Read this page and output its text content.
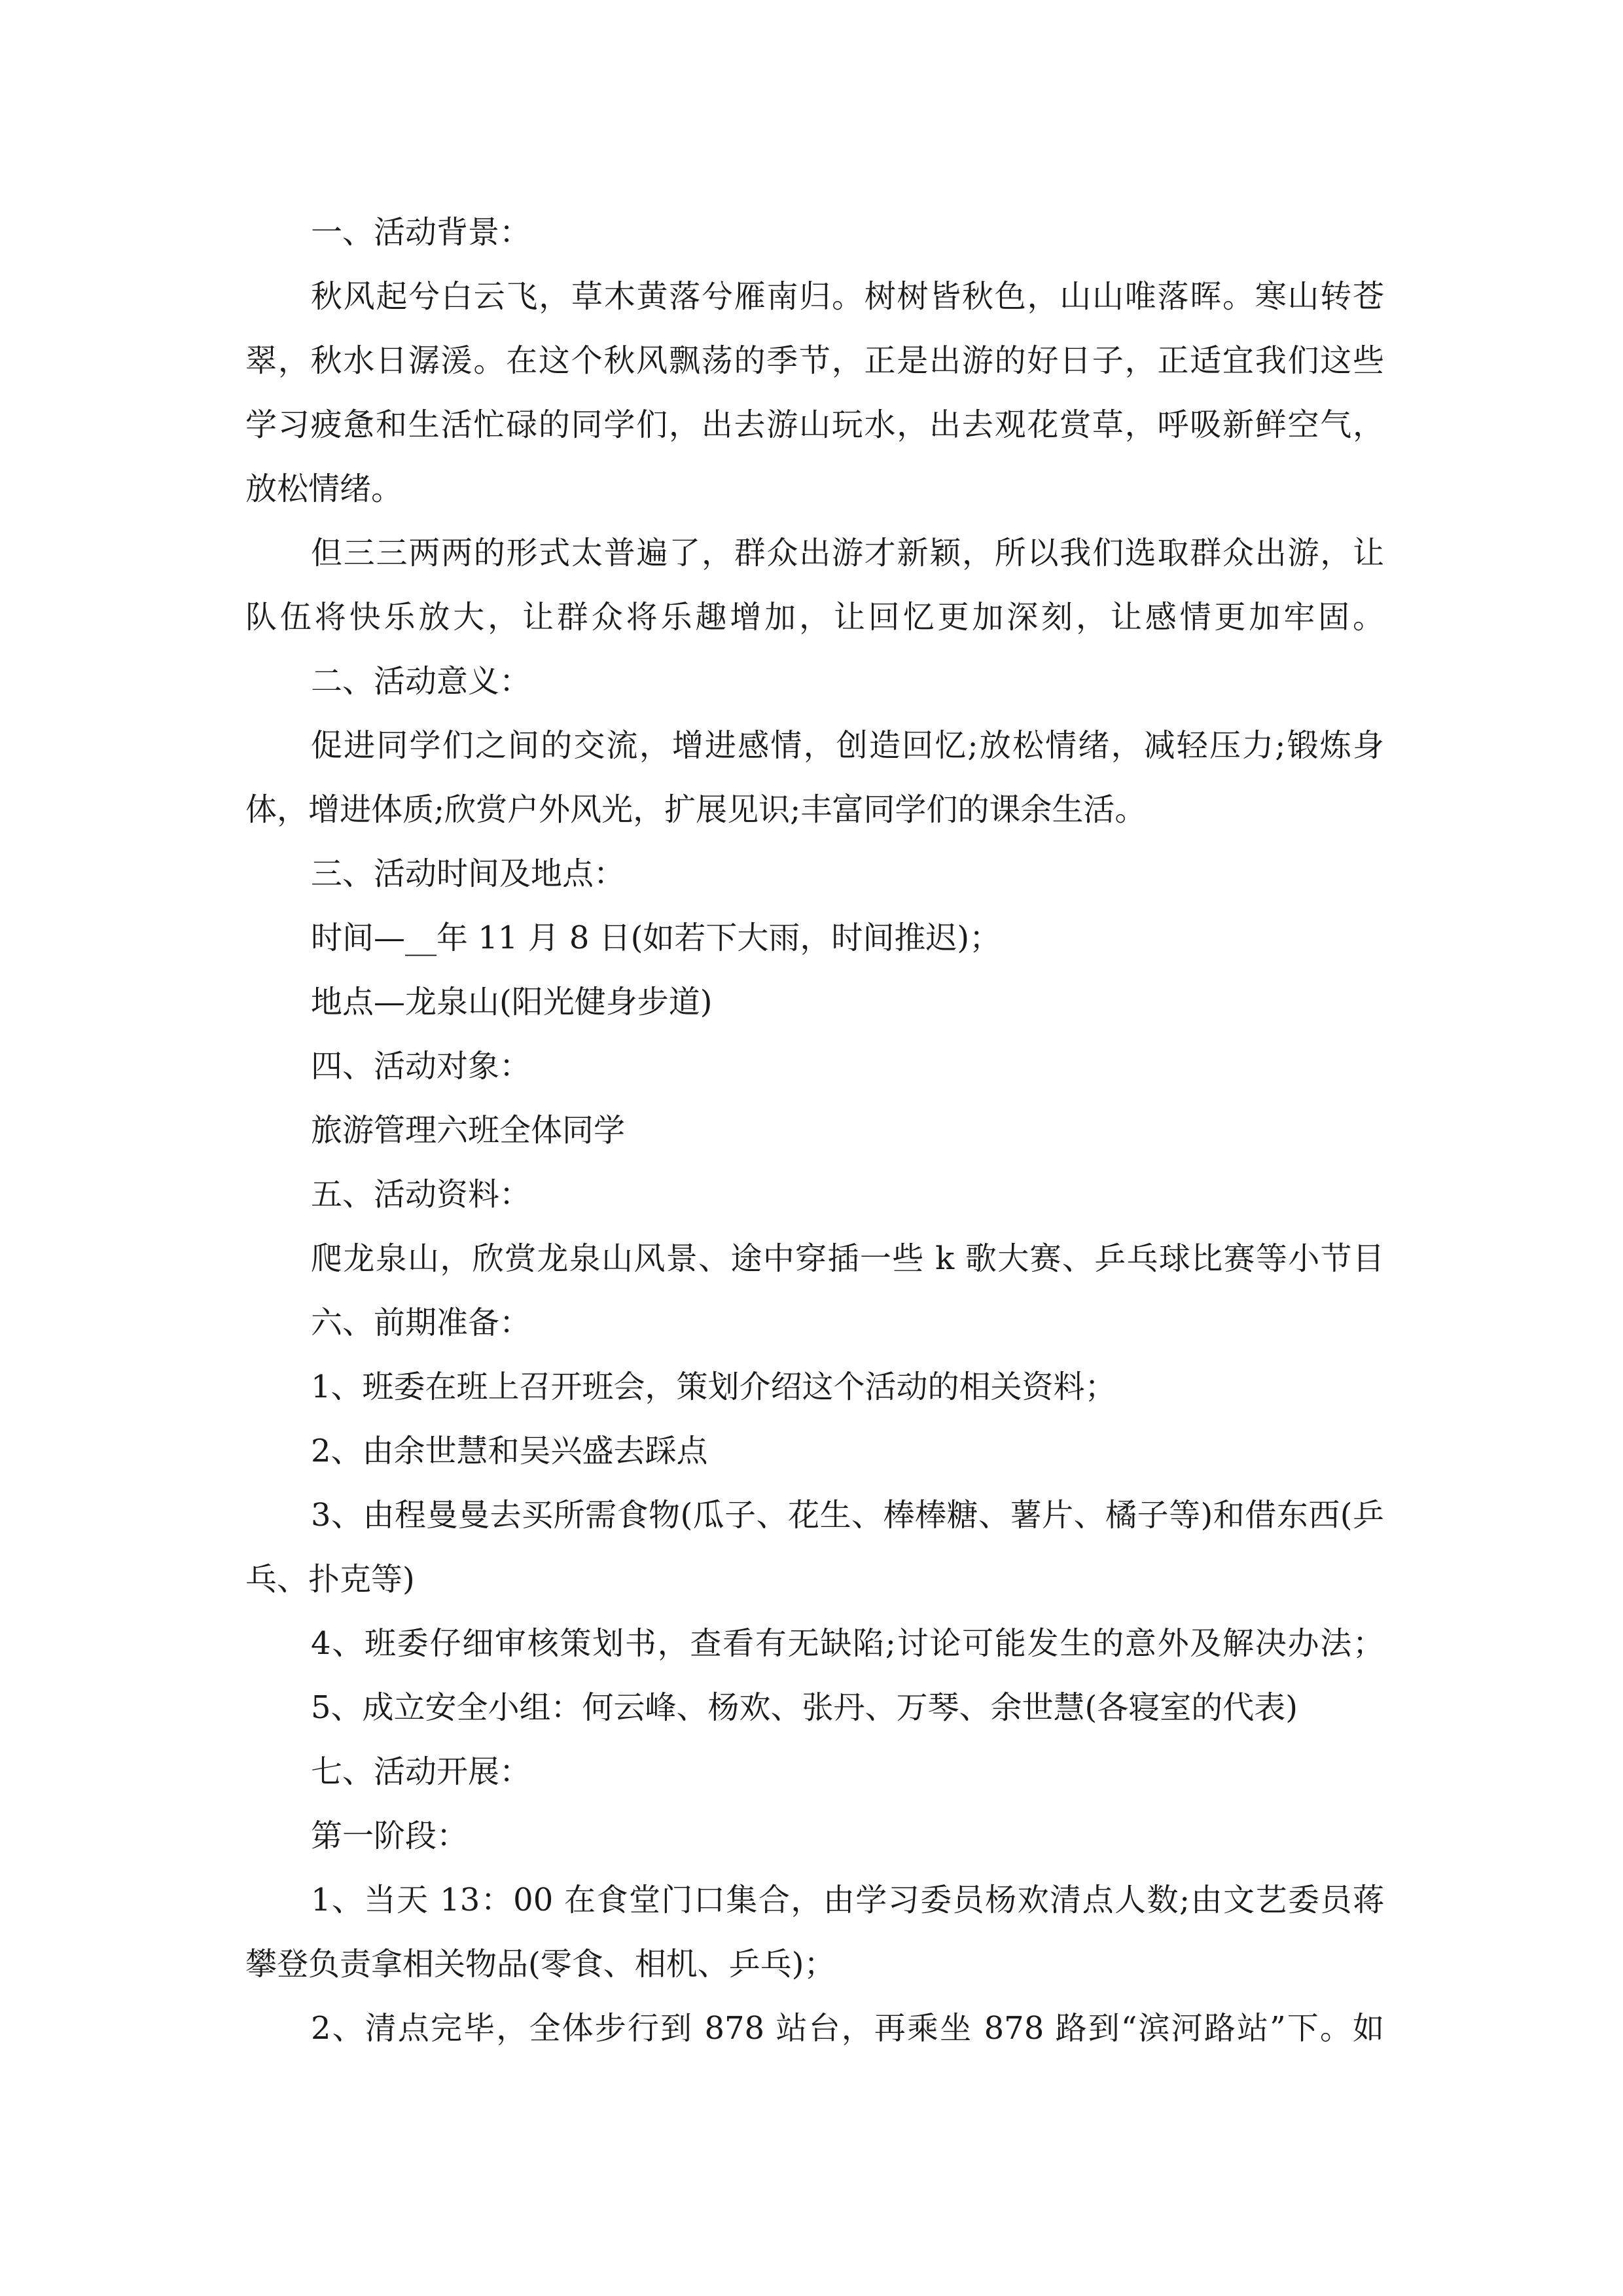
一、活动背景：
秋风起兮白云飞，草木黄落兮雁南归。树树皆秋色，山山唯落晖。寒山转苍
翠，秋水日潺湲。在这个秋风飘荡的季节，正是出游的好日子，正适宜我们这些
学习疲惫和生活忙碌的同学们，出去游山玩水，出去观花赏草，呼吸新鲜空气，
放松情绪。
但三三两两的形式太普遍了，群众出游才新颖，所以我们选取群众出游，让
队伍将快乐放大，让群众将乐趣增加，让回忆更加深刻，让感情更加牢固。
二、活动意义：
促进同学们之间的交流，增进感情，创造回忆;放松情绪，减轻压力;锻炼身
体，增进体质;欣赏户外风光，扩展见识;丰富同学们的课余生活。
三、活动时间及地点：
时间—__年 11 月 8 日(如若下大雨，时间推迟)；
地点—龙泉山(阳光健身步道)
四、活动对象：
旅游管理六班全体同学
五、活动资料：
爬龙泉山，欣赏龙泉山风景、途中穿插一些 k 歌大赛、乒乓球比赛等小节目
六、前期准备：
1、班委在班上召开班会，策划介绍这个活动的相关资料；
2、由余世慧和吴兴盛去踩点
3、由程曼曼去买所需食物(瓜子、花生、棒棒糖、薯片、橘子等)和借东西(乒
乓、扑克等)
4、班委仔细审核策划书，查看有无缺陷;讨论可能发生的意外及解决办法；
5、成立安全小组：何云峰、杨欢、张丹、万琴、余世慧(各寝室的代表)
七、活动开展：
第一阶段：
1、当天 13：00 在食堂门口集合，由学习委员杨欢清点人数;由文艺委员蒋
攀登负责拿相关物品(零食、相机、乒乓)；
2、清点完毕，全体步行到 878 站台，再乘坐 878 路到“滨河路站”下。如
